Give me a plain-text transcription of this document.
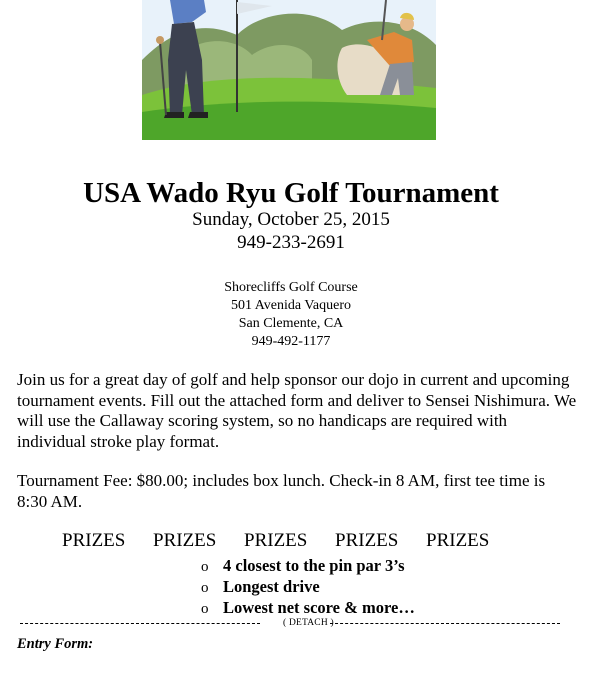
USA Wado Ryu Golf Tournament
Sunday, October 25, 2015
949-233-2691
Shorecliffs Golf Course
501 Avenida Vaquero
San Clemente, CA
949-492-1177
Join us for a great day of golf and help sponsor our dojo in current and upcoming tournament events. Fill out the attached form and deliver to Sensei Nishimura. We will use the Callaway scoring system, so no handicaps are required with individual stroke play format.
Tournament Fee: $80.00; includes box lunch. Check-in 8 AM, first tee time is 8:30 AM.
PRIZES PRIZES PRIZES PRIZES PRIZES
o 4 closest to the pin par 3’s
o Longest drive
o Lowest net score & more…
( DETACH )
Entry Form:
